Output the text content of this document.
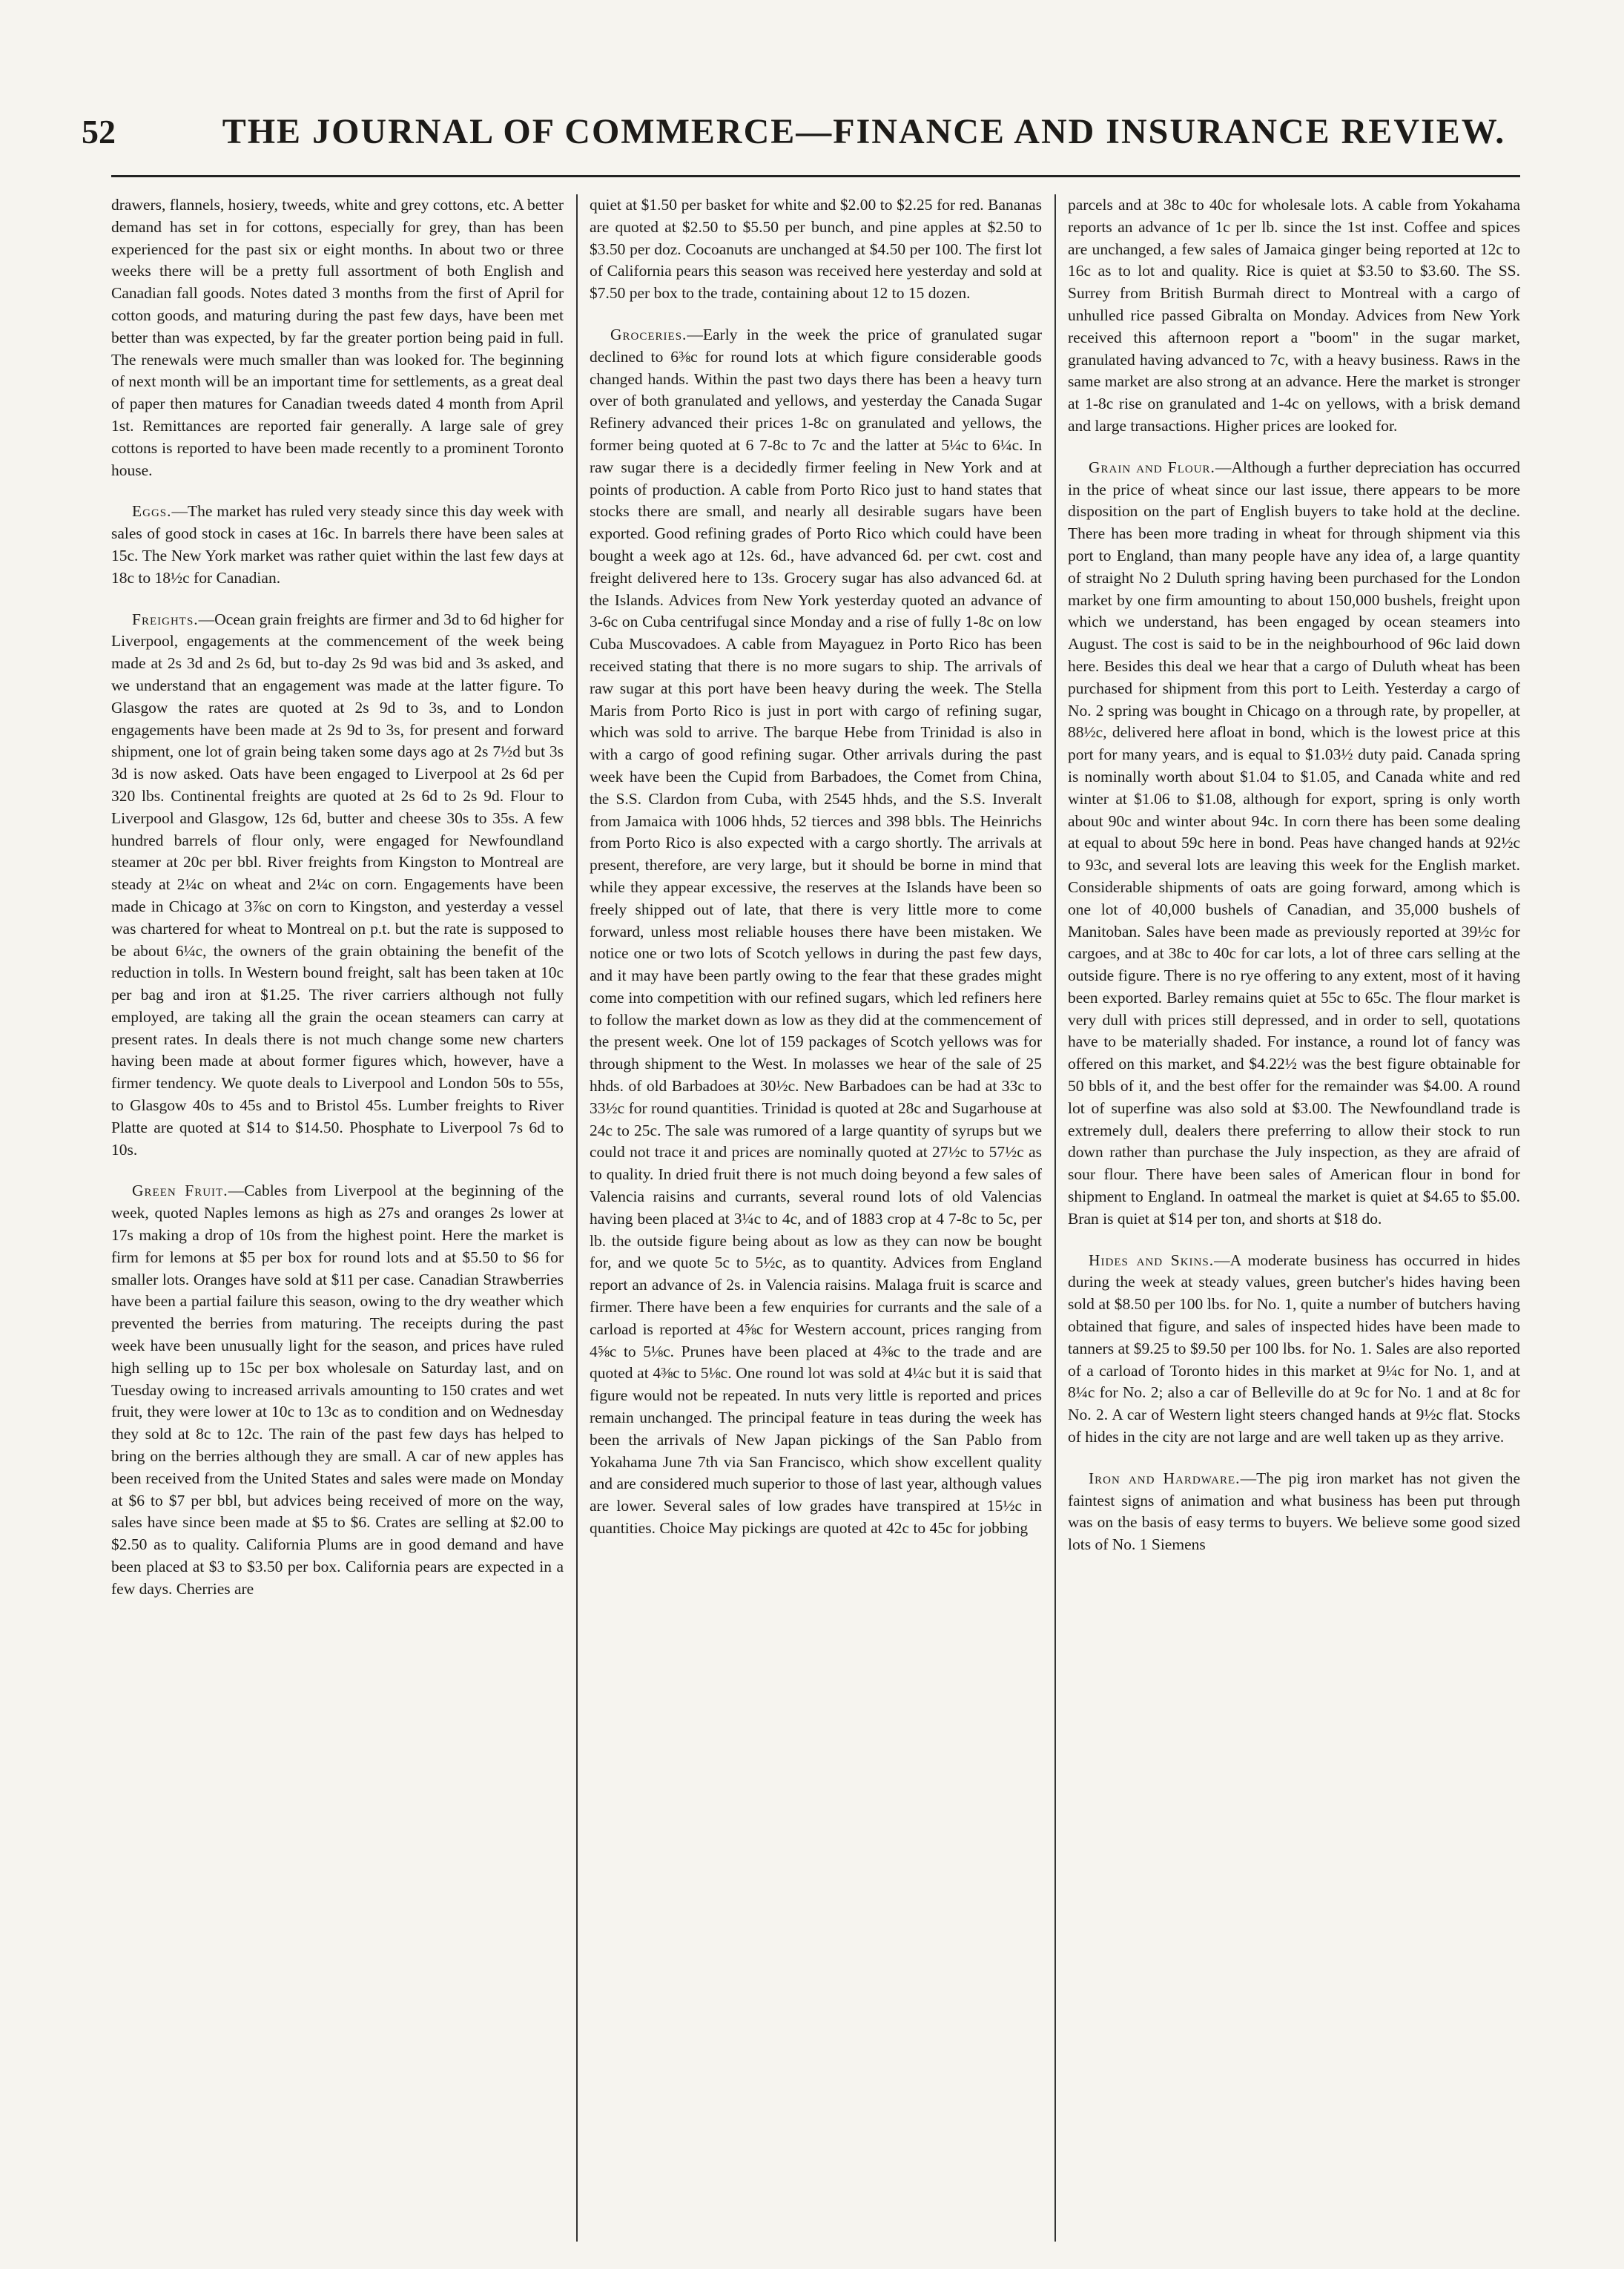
52	THE JOURNAL OF COMMERCE—FINANCE AND INSURANCE REVIEW.

drawers, flannels, hosiery, tweeds, white and grey cottons, etc. A better demand has set in for cottons, especially for grey, than has been experienced for the past six or eight months. In about two or three weeks there will be a pretty full assortment of both English and Canadian fall goods. Notes dated 3 months from the first of April for cotton goods, and maturing during the past few days, have been met better than was expected, by far the greater portion being paid in full. The renewals were much smaller than was looked for. The beginning of next month will be an important time for settlements, as a great deal of paper then matures for Canadian tweeds dated 4 month from April 1st. Remittances are reported fair generally. A large sale of grey cottons is reported to have been made recently to a prominent Toronto house.

Eggs.—The market has ruled very steady since this day week with sales of good stock in cases at 16c. In barrels there have been sales at 15c. The New York market was rather quiet within the last few days at 18c to 18½c for Canadian.

Freights.—Ocean grain freights are firmer and 3d to 6d higher for Liverpool, engagements at the commencement of the week being made at 2s 3d and 2s 6d, but to-day 2s 9d was bid and 3s asked, and we understand that an engagement was made at the latter figure. To Glasgow the rates are quoted at 2s 9d to 3s, and to London engagements have been made at 2s 9d to 3s, for present and forward shipment, one lot of grain being taken some days ago at 2s 7½d but 3s 3d is now asked. Oats have been engaged to Liverpool at 2s 6d per 320 lbs. Continental freights are quoted at 2s 6d to 2s 9d. Flour to Liverpool and Glasgow, 12s 6d, butter and cheese 30s to 35s. A few hundred barrels of flour only, were engaged for Newfoundland steamer at 20c per bbl. River freights from Kingston to Montreal are steady at 2¼c on wheat and 2¼c on corn. Engagements have been made in Chicago at 3⅞c on corn to Kingston, and yesterday a vessel was chartered for wheat to Montreal on p.t. but the rate is supposed to be about 6¼c, the owners of the grain obtaining the benefit of the reduction in tolls. In Western bound freight, salt has been taken at 10c per bag and iron at $1.25. The river carriers although not fully employed, are taking all the grain the ocean steamers can carry at present rates. In deals there is not much change some new charters having been made at about former figures which, however, have a firmer tendency. We quote deals to Liverpool and London 50s to 55s, to Glasgow 40s to 45s and to Bristol 45s. Lumber freights to River Platte are quoted at $14 to $14.50. Phosphate to Liverpool 7s 6d to 10s.

Green Fruit.—Cables from Liverpool at the beginning of the week, quoted Naples lemons as high as 27s and oranges 2s lower at 17s making a drop of 10s from the highest point. Here the market is firm for lemons at $5 per box for round lots and at $5.50 to $6 for smaller lots. Oranges have sold at $11 per case. Canadian Strawberries have been a partial failure this season, owing to the dry weather which prevented the berries from maturing. The receipts during the past week have been unusually light for the season, and prices have ruled high selling up to 15c per box wholesale on Saturday last, and on Tuesday owing to increased arrivals amounting to 150 crates and wet fruit, they were lower at 10c to 13c as to condition and on Wednesday they sold at 8c to 12c. The rain of the past few days has helped to bring on the berries although they are small. A car of new apples has been received from the United States and sales were made on Monday at $6 to $7 per bbl, but advices being received of more on the way, sales have since been made at $5 to $6. Crates are selling at $2.00 to $2.50 as to quality. California Plums are in good demand and have been placed at $3 to $3.50 per box. California pears are expected in a few days. Cherries are

quiet at $1.50 per basket for white and $2.00 to $2.25 for red. Bananas are quoted at $2.50 to $5.50 per bunch, and pine apples at $2.50 to $3.50 per doz. Cocoanuts are unchanged at $4.50 per 100. The first lot of California pears this season was received here yesterday and sold at $7.50 per box to the trade, containing about 12 to 15 dozen.

Groceries.—Early in the week the price of granulated sugar declined to 6⅜c for round lots at which figure considerable goods changed hands. Within the past two days there has been a heavy turn over of both granulated and yellows, and yesterday the Canada Sugar Refinery advanced their prices 1-8c on granulated and yellows, the former being quoted at 6 7-8c to 7c and the latter at 5¼c to 6¼c. In raw sugar there is a decidedly firmer feeling in New York and at points of production. A cable from Porto Rico just to hand states that stocks there are small, and nearly all desirable sugars have been exported. Good refining grades of Porto Rico which could have been bought a week ago at 12s. 6d., have advanced 6d. per cwt. cost and freight delivered here to 13s. Grocery sugar has also advanced 6d. at the Islands. Advices from New York yesterday quoted an advance of 3-6c on Cuba centrifugal since Monday and a rise of fully 1-8c on low Cuba Muscovadoes. A cable from Mayaguez in Porto Rico has been received stating that there is no more sugars to ship. The arrivals of raw sugar at this port have been heavy during the week. The Stella Maris from Porto Rico is just in port with cargo of refining sugar, which was sold to arrive. The barque Hebe from Trinidad is also in with a cargo of good refining sugar. Other arrivals during the past week have been the Cupid from Barbadoes, the Comet from China, the S.S. Clardon from Cuba, with 2545 hhds, and the S.S. Inveralt from Jamaica with 1006 hhds, 52 tierces and 398 bbls. The Heinrichs from Porto Rico is also expected with a cargo shortly. The arrivals at present, therefore, are very large, but it should be borne in mind that while they appear excessive, the reserves at the Islands have been so freely shipped out of late, that there is very little more to come forward, unless most reliable houses there have been mistaken. We notice one or two lots of Scotch yellows in during the past few days, and it may have been partly owing to the fear that these grades might come into competition with our refined sugars, which led refiners here to follow the market down as low as they did at the commencement of the present week. One lot of 159 packages of Scotch yellows was for through shipment to the West. In molasses we hear of the sale of 25 hhds. of old Barbadoes at 30½c. New Barbadoes can be had at 33c to 33½c for round quantities. Trinidad is quoted at 28c and Sugarhouse at 24c to 25c. The sale was rumored of a large quantity of syrups but we could not trace it and prices are nominally quoted at 27½c to 57½c as to quality. In dried fruit there is not much doing beyond a few sales of Valencia raisins and currants, several round lots of old Valencias having been placed at 3¼c to 4c, and of 1883 crop at 4 7-8c to 5c, per lb. the outside figure being about as low as they can now be bought for, and we quote 5c to 5½c, as to quantity. Advices from England report an advance of 2s. in Valencia raisins. Malaga fruit is scarce and firmer. There have been a few enquiries for currants and the sale of a carload is reported at 4⅝c for Western account, prices ranging from 4⅝c to 5⅛c. Prunes have been placed at 4⅜c to the trade and are quoted at 4⅜c to 5⅛c. One round lot was sold at 4¼c but it is said that figure would not be repeated. In nuts very little is reported and prices remain unchanged. The principal feature in teas during the week has been the arrivals of New Japan pickings of the San Pablo from Yokahama June 7th via San Francisco, which show excellent quality and are considered much superior to those of last year, although values are lower. Several sales of low grades have transpired at 15½c in quantities. Choice May pickings are quoted at 42c to 45c for jobbing

parcels and at 38c to 40c for wholesale lots. A cable from Yokahama reports an advance of 1c per lb. since the 1st inst. Coffee and spices are unchanged, a few sales of Jamaica ginger being reported at 12c to 16c as to lot and quality. Rice is quiet at $3.50 to $3.60. The SS. Surrey from British Burmah direct to Montreal with a cargo of unhulled rice passed Gibralta on Monday. Advices from New York received this afternoon report a "boom" in the sugar market, granulated having advanced to 7c, with a heavy business. Raws in the same market are also strong at an advance. Here the market is stronger at 1-8c rise on granulated and 1-4c on yellows, with a brisk demand and large transactions. Higher prices are looked for.

Grain and Flour.—Although a further depreciation has occurred in the price of wheat since our last issue, there appears to be more disposition on the part of English buyers to take hold at the decline. There has been more trading in wheat for through shipment via this port to England, than many people have any idea of, a large quantity of straight No 2 Duluth spring having been purchased for the London market by one firm amounting to about 150,000 bushels, freight upon which we understand, has been engaged by ocean steamers into August. The cost is said to be in the neighbourhood of 96c laid down here. Besides this deal we hear that a cargo of Duluth wheat has been purchased for shipment from this port to Leith. Yesterday a cargo of No. 2 spring was bought in Chicago on a through rate, by propeller, at 88½c, delivered here afloat in bond, which is the lowest price at this port for many years, and is equal to $1.03½ duty paid. Canada spring is nominally worth about $1.04 to $1.05, and Canada white and red winter at $1.06 to $1.08, although for export, spring is only worth about 90c and winter about 94c. In corn there has been some dealing at equal to about 59c here in bond. Peas have changed hands at 92½c to 93c, and several lots are leaving this week for the English market. Considerable shipments of oats are going forward, among which is one lot of 40,000 bushels of Canadian, and 35,000 bushels of Manitoban. Sales have been made as previously reported at 39½c for cargoes, and at 38c to 40c for car lots, a lot of three cars selling at the outside figure. There is no rye offering to any extent, most of it having been exported. Barley remains quiet at 55c to 65c. The flour market is very dull with prices still depressed, and in order to sell, quotations have to be materially shaded. For instance, a round lot of fancy was offered on this market, and $4.22½ was the best figure obtainable for 50 bbls of it, and the best offer for the remainder was $4.00. A round lot of superfine was also sold at $3.00. The Newfoundland trade is extremely dull, dealers there preferring to allow their stock to run down rather than purchase the July inspection, as they are afraid of sour flour. There have been sales of American flour in bond for shipment to England. In oatmeal the market is quiet at $4.65 to $5.00. Bran is quiet at $14 per ton, and shorts at $18 do.

Hides and Skins.—A moderate business has occurred in hides during the week at steady values, green butcher's hides having been sold at $8.50 per 100 lbs. for No. 1, quite a number of butchers having obtained that figure, and sales of inspected hides have been made to tanners at $9.25 to $9.50 per 100 lbs. for No. 1. Sales are also reported of a carload of Toronto hides in this market at 9¼c for No. 1, and at 8¼c for No. 2; also a car of Belleville do at 9c for No. 1 and at 8c for No. 2. A car of Western light steers changed hands at 9½c flat. Stocks of hides in the city are not large and are well taken up as they arrive.

Iron and Hardware.—The pig iron market has not given the faintest signs of animation and what business has been put through was on the basis of easy terms to buyers. We believe some good sized lots of No. 1 Siemens
